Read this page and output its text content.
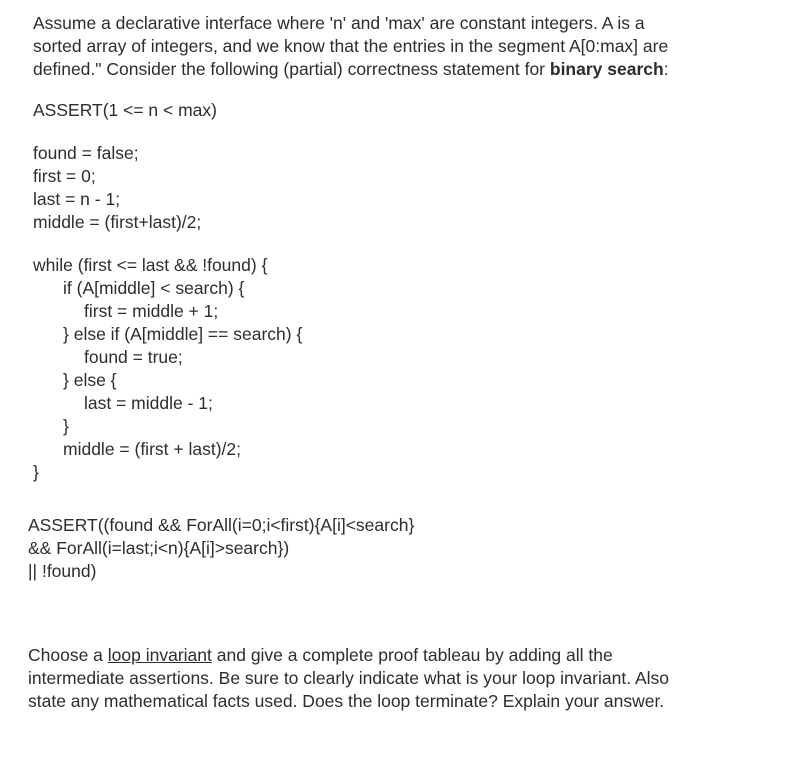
Assume a declarative interface where 'n' and 'max' are constant integers. A is a
sorted array of integers, and we know that the entries in the segment A[0:max] are
defined." Consider the following (partial) correctness statement for binary search:
ASSERT(1 <= n < max)
found = false;
first = 0;
last = n - 1;
middle = (first+last)/2;
while (first <= last && !found) {
if (A[middle] < search) {
first = middle + 1;
} else if (A[middle] == search) {
found = true;
} else {
last = middle - 1;
}
middle = (first + last)/2;
}
ASSERT((found && ForAll(i=0;i<first){A[i]<search}
&& ForAll(i=last;i<n){A[i]>search})
|| !found)
Choose a loop invariant and give a complete proof tableau by adding all the
intermediate assertions. Be sure to clearly indicate what is your loop invariant. Also
state any mathematical facts used. Does the loop terminate? Explain your answer.
